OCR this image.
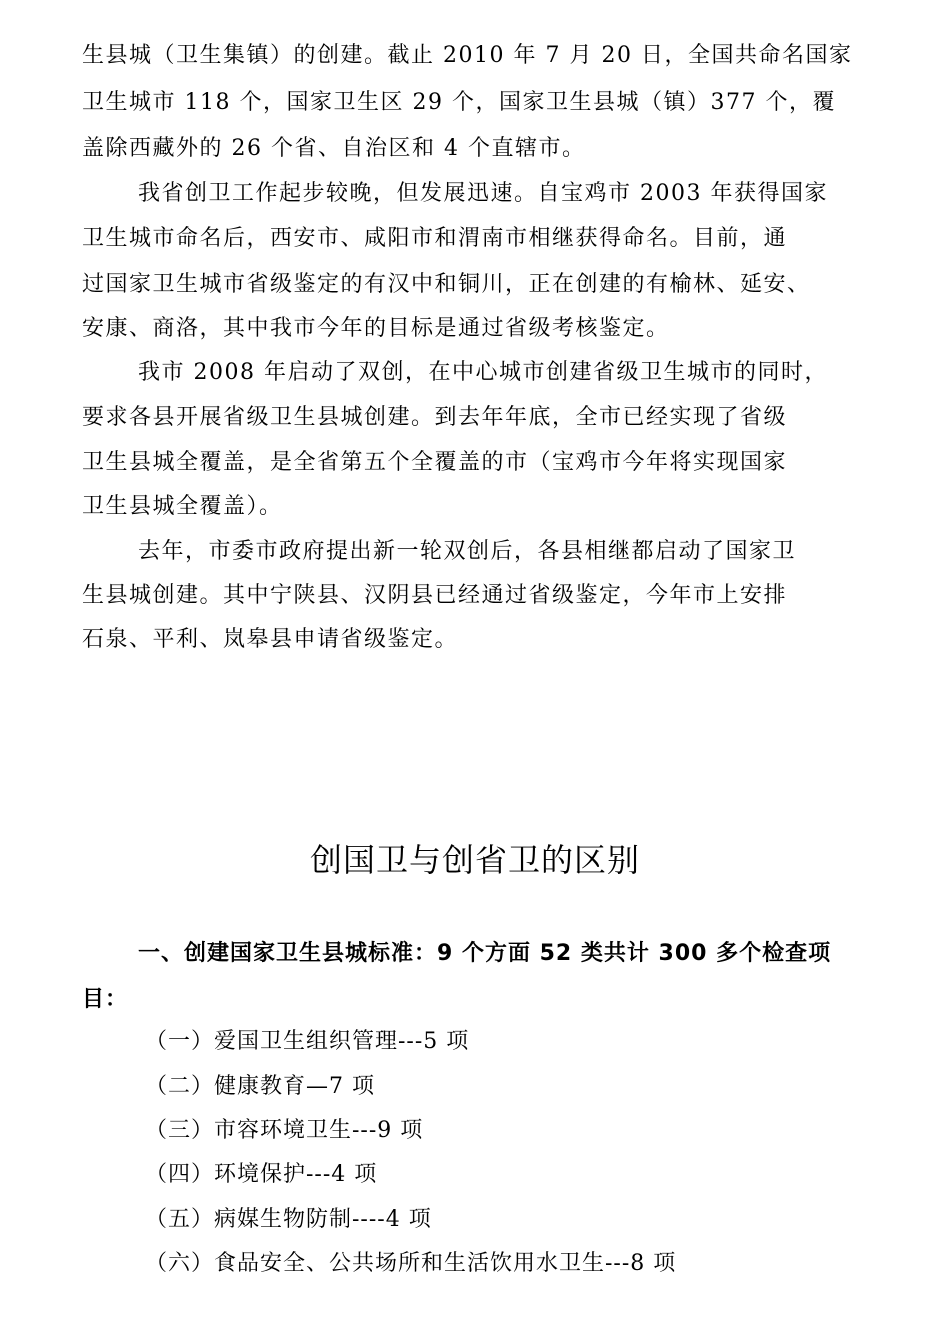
生县城（卫生集镇）的创建。截止 2010 年 7 月 20 日，全国共命名国家
卫生城市 118 个，国家卫生区 29 个，国家卫生县城（镇）377 个，覆
盖除西藏外的 26 个省、自治区和 4 个直辖市。
我省创卫工作起步较晚，但发展迅速。自宝鸡市 2003 年获得国家
卫生城市命名后，西安市、咸阳市和渭南市相继获得命名。目前，通
过国家卫生城市省级鉴定的有汉中和铜川，正在创建的有榆林、延安、
安康、商洛，其中我市今年的目标是通过省级考核鉴定。
我市 2008 年启动了双创，在中心城市创建省级卫生城市的同时，
要求各县开展省级卫生县城创建。到去年年底，全市已经实现了省级
卫生县城全覆盖，是全省第五个全覆盖的市（宝鸡市今年将实现国家
卫生县城全覆盖）。
去年，市委市政府提出新一轮双创后，各县相继都启动了国家卫
生县城创建。其中宁陕县、汉阴县已经通过省级鉴定，今年市上安排
石泉、平利、岚皋县申请省级鉴定。
创国卫与创省卫的区别
一、创建国家卫生县城标准：9 个方面 52 类共计 300 多个检查项
目：
（一）爱国卫生组织管理---5 项
（二）健康教育—7 项
（三）市容环境卫生---9 项
（四）环境保护---4 项
（五）病媒生物防制----4 项
（六）食品安全、公共场所和生活饮用水卫生---8 项
